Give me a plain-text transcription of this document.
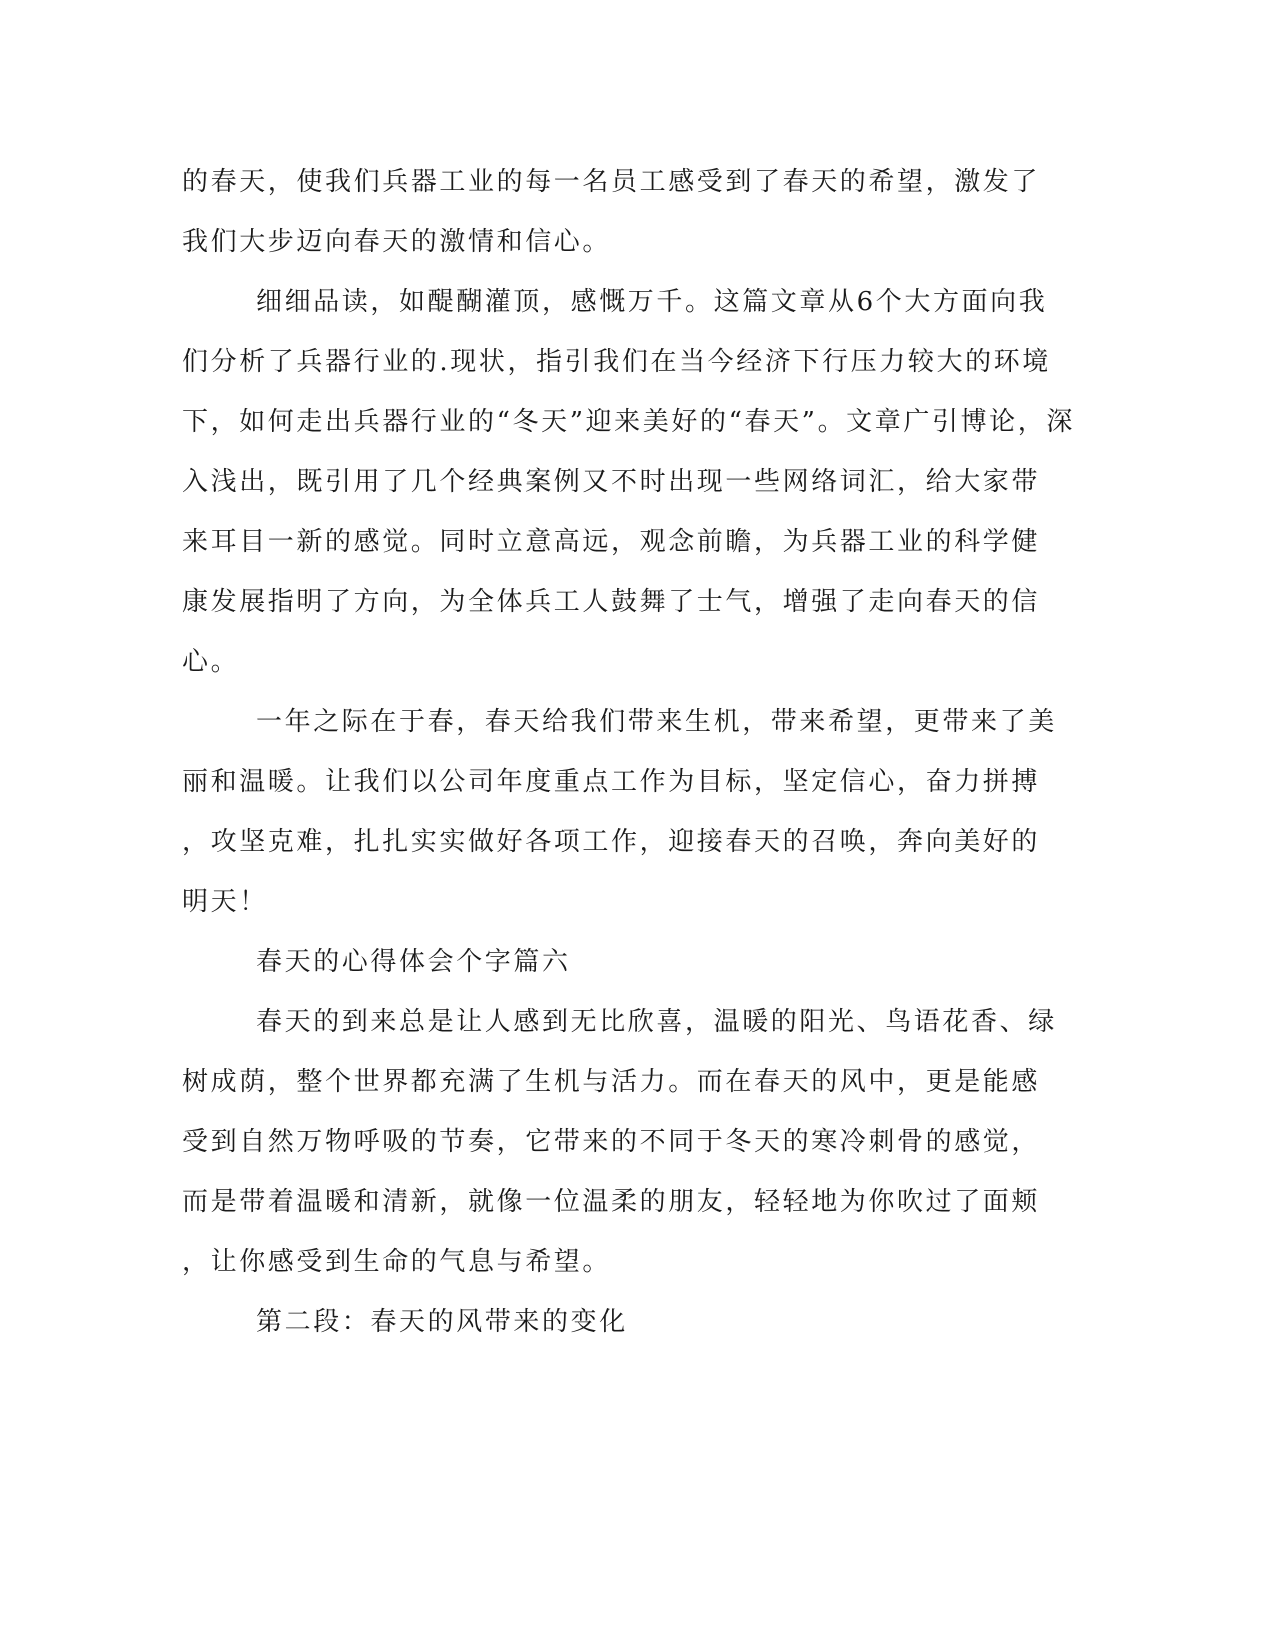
的春天，使我们兵器工业的每一名员工感受到了春天的希望，激发了
我们大步迈向春天的激情和信心。
细细品读，如醍醐灌顶，感慨万千。这篇文章从6个大方面向我
们分析了兵器行业的.现状，指引我们在当今经济下行压力较大的环境
下，如何走出兵器行业的“冬天”迎来美好的“春天”。文章广引博论，深
入浅出，既引用了几个经典案例又不时出现一些网络词汇，给大家带
来耳目一新的感觉。同时立意高远，观念前瞻，为兵器工业的科学健
康发展指明了方向，为全体兵工人鼓舞了士气，增强了走向春天的信
心。
一年之际在于春，春天给我们带来生机，带来希望，更带来了美
丽和温暖。让我们以公司年度重点工作为目标，坚定信心，奋力拼搏
，攻坚克难，扎扎实实做好各项工作，迎接春天的召唤，奔向美好的
明天！
春天的心得体会个字篇六
春天的到来总是让人感到无比欣喜，温暖的阳光、鸟语花香、绿
树成荫，整个世界都充满了生机与活力。而在春天的风中，更是能感
受到自然万物呼吸的节奏，它带来的不同于冬天的寒冷刺骨的感觉，
而是带着温暖和清新，就像一位温柔的朋友，轻轻地为你吹过了面颊
，让你感受到生命的气息与希望。
第二段：春天的风带来的变化
